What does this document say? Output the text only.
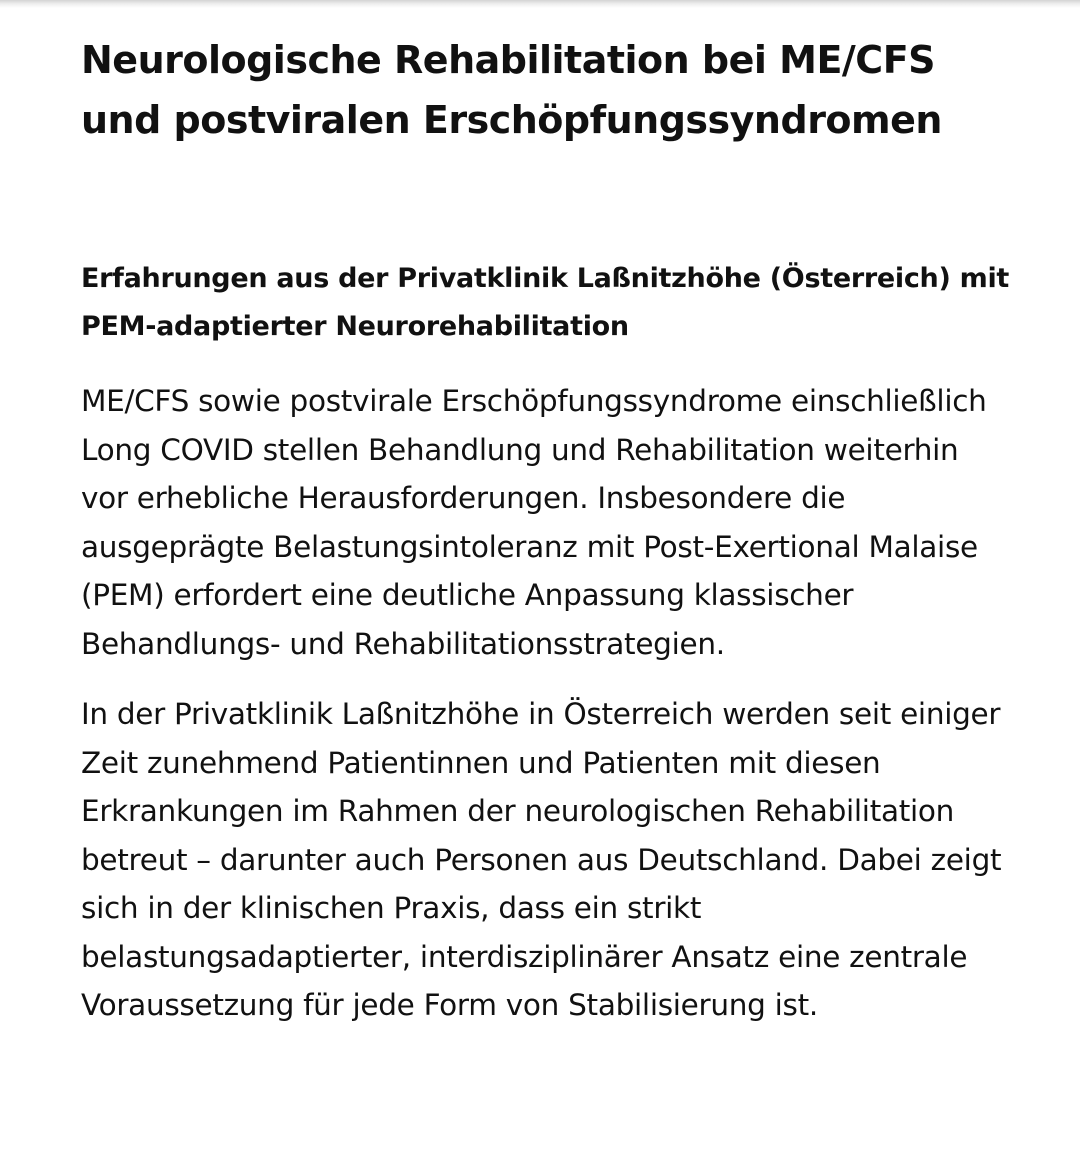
Neurologische Rehabilitation bei ME/CFS und postviralen Erschöpfungssyndromen
Erfahrungen aus der Privatklinik Laßnitzhöhe (Österreich) mit PEM-adaptierter Neurorehabilitation

ME/CFS sowie postvirale Erschöpfungssyndrome einschließlich Long COVID stellen Behandlung und Rehabilitation weiterhin vor erhebliche Herausforderungen. Insbesondere die ausgeprägte Belastungsintoleranz mit Post-Exertional Malaise (PEM) erfordert eine deutliche Anpassung klassischer Behandlungs- und Rehabilitationsstrategien.

In der Privatklinik Laßnitzhöhe in Österreich werden seit einiger Zeit zunehmend Patientinnen und Patienten mit diesen Erkrankungen im Rahmen der neurologischen Rehabilitation betreut – darunter auch Personen aus Deutschland. Dabei zeigt sich in der klinischen Praxis, dass ein strikt belastungsadaptierter, interdisziplinärer Ansatz eine zentrale Voraussetzung für jede Form von Stabilisierung ist.
